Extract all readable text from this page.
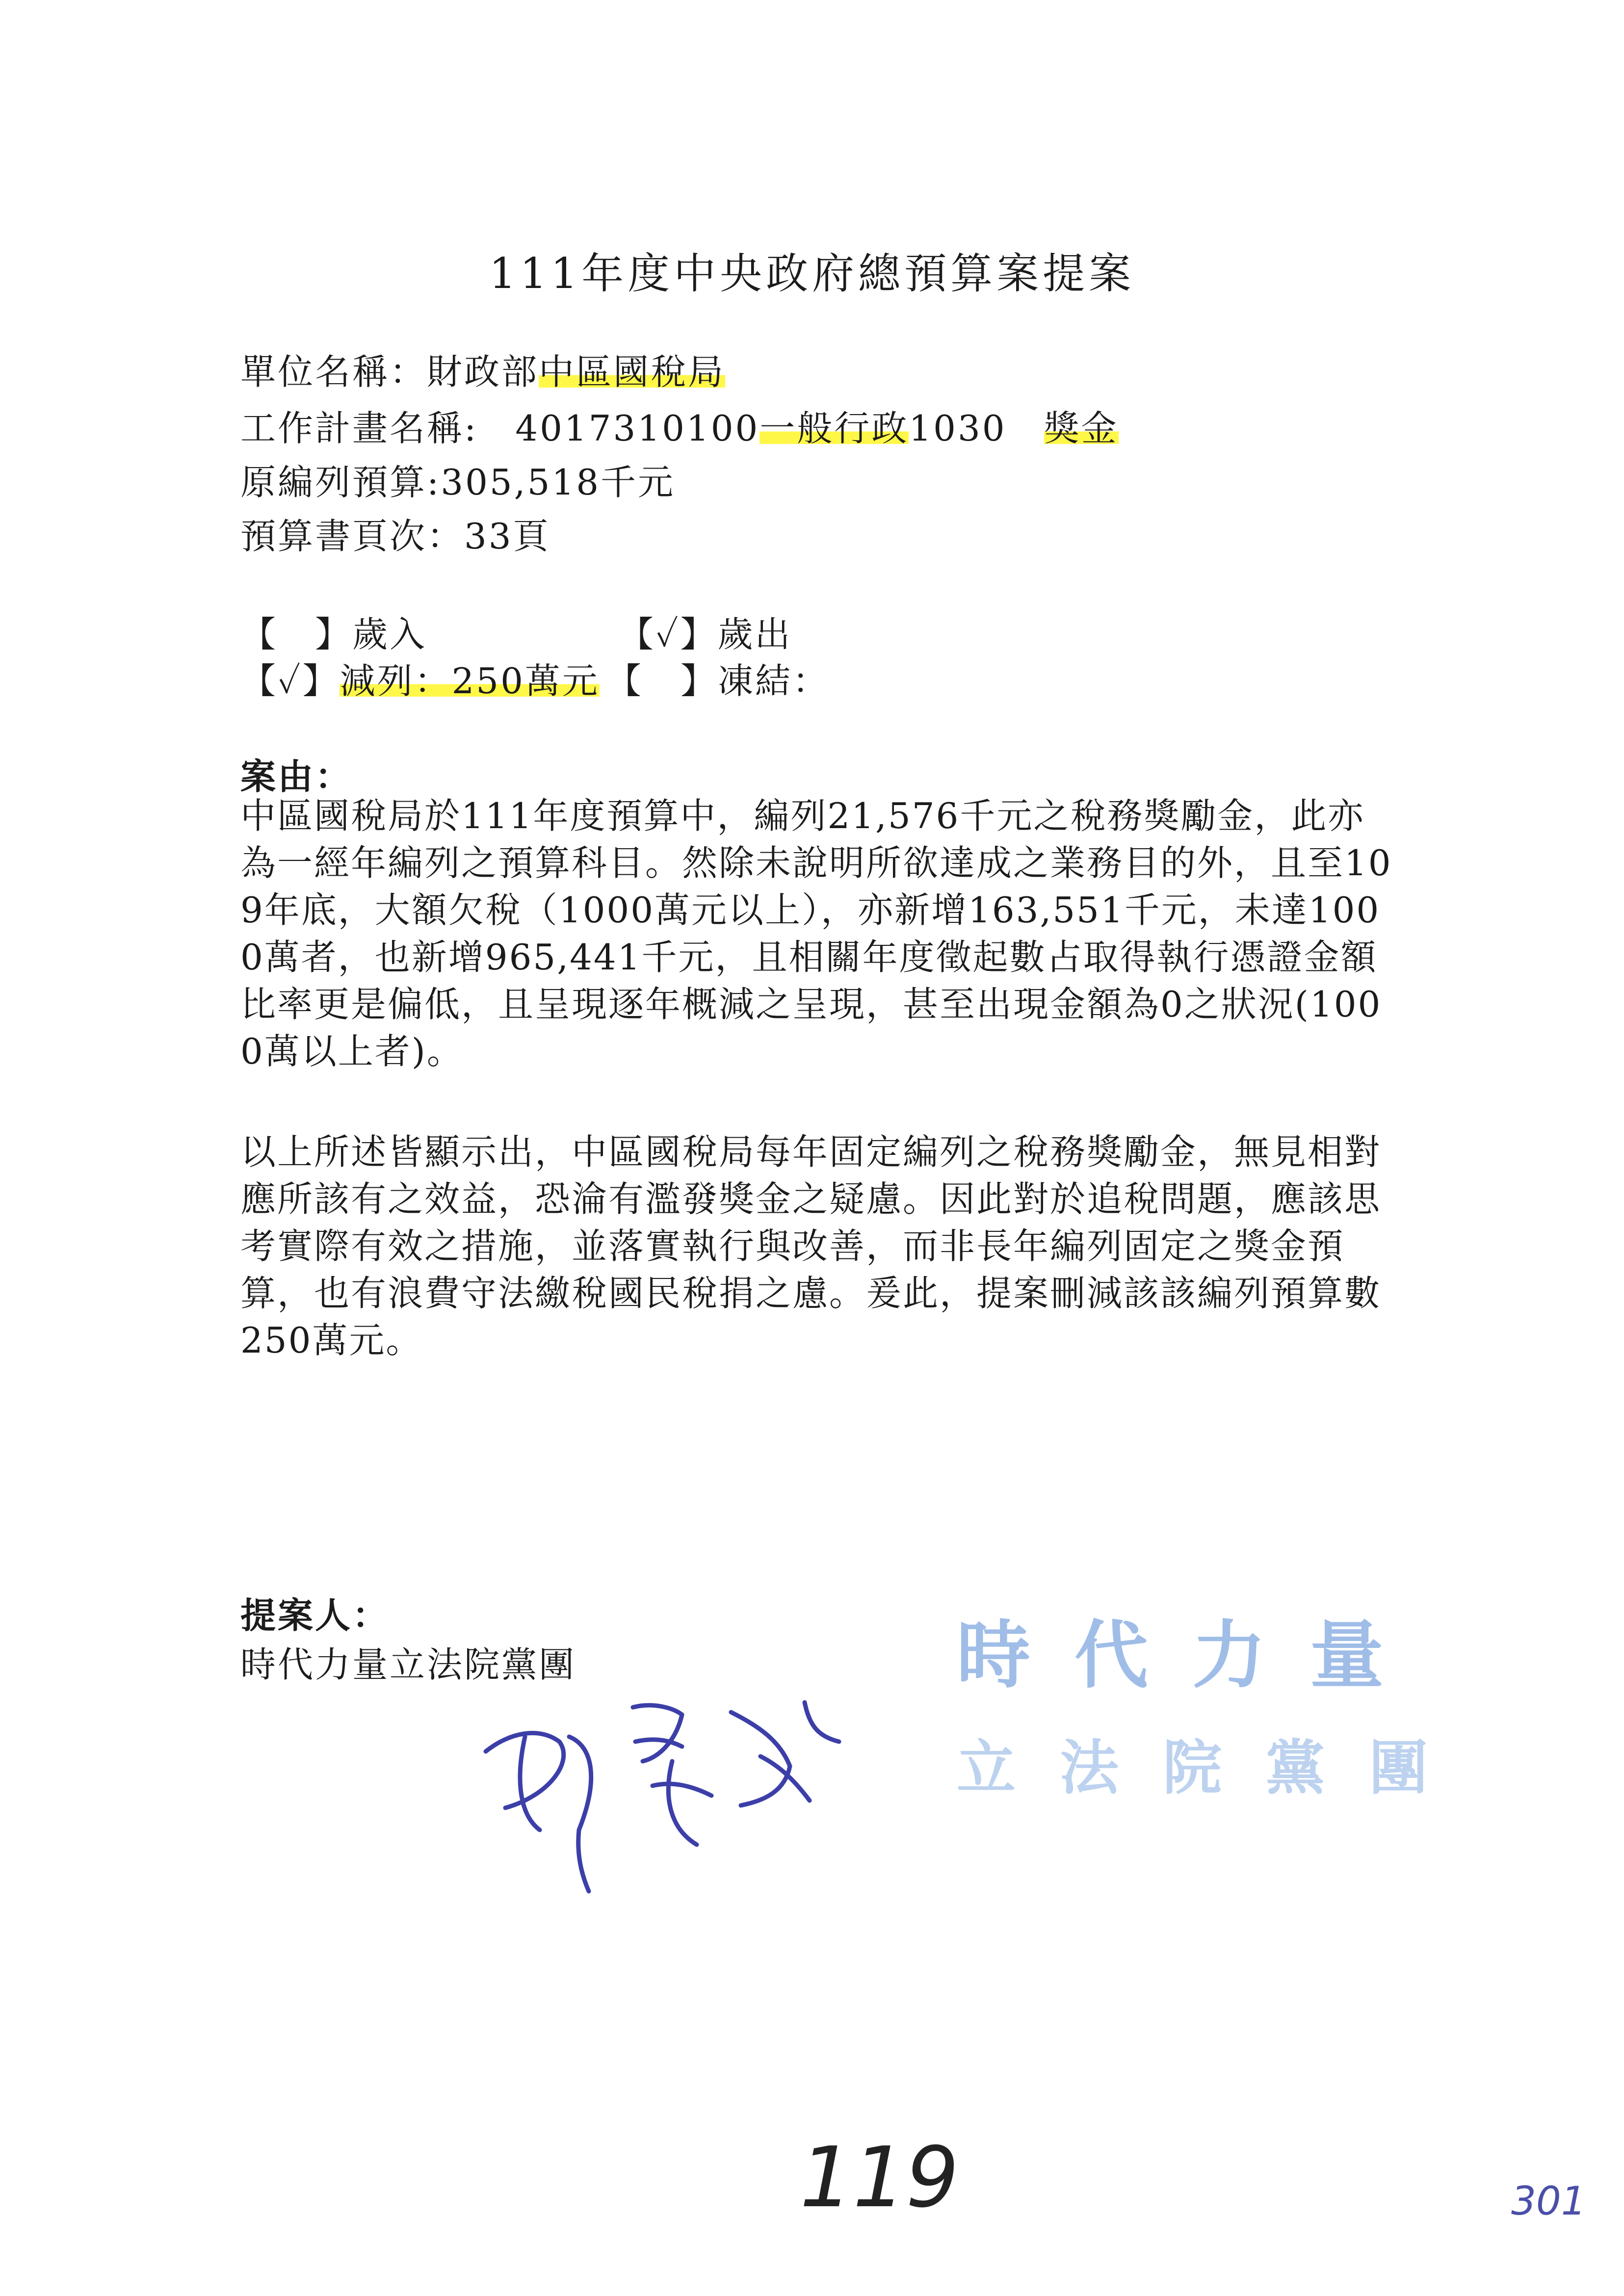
111年度中央政府總預算案提案
單位名稱：財政部中區國稅局
工作計畫名稱:　4017310100一般行政1030　獎金
原編列預算:305,518千元
預算書頁次：33頁
【　】歲入	【✓】歲出
【✓】減列：250萬元 【　】凍結：
案由：
中區國稅局於111年度預算中，編列21,576千元之稅務獎勵金，此亦為一經年編列之預算科目。然除未說明所欲達成之業務目的外，且至109年底，大額欠稅（1000萬元以上），亦新增163,551千元，未達1000萬者，也新增965,441千元，且相關年度徵起數占取得執行憑證金額比率更是偏低，且呈現逐年概減之呈現，甚至出現金額為0之狀況(1000萬以上者)。
以上所述皆顯示出，中區國稅局每年固定編列之稅務獎勵金，無見相對應所該有之效益，恐淪有濫發獎金之疑慮。因此對於追稅問題，應該思考實際有效之措施，並落實執行與改善，而非長年編列固定之獎金預算，也有浪費守法繳稅國民稅捐之慮。爰此，提案刪減該該編列預算數250萬元。
提案人：
時代力量立法院黨團	時代力量
立法院黨團
119	301
